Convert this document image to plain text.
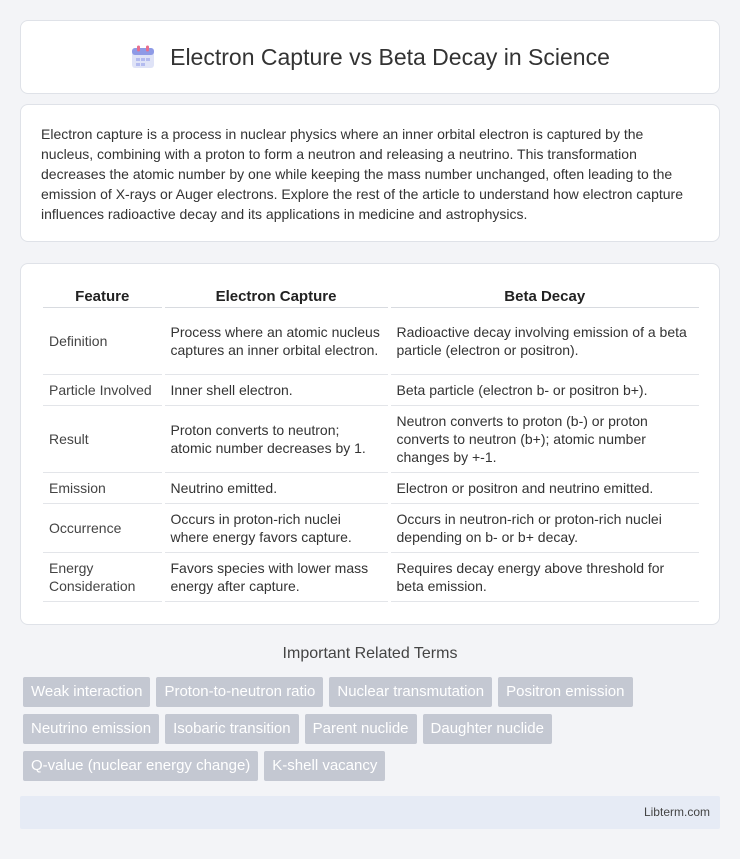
Electron Capture vs Beta Decay in Science

Electron capture is a process in nuclear physics where an inner orbital electron is captured by the nucleus, combining with a proton to form a neutron and releasing a neutrino. This transformation decreases the atomic number by one while keeping the mass number unchanged, often leading to the emission of X-rays or Auger electrons. Explore the rest of the article to understand how electron capture influences radioactive decay and its applications in medicine and astrophysics.

Feature	Electron Capture	Beta Decay
Definition	Process where an atomic nucleus captures an inner orbital electron.	Radioactive decay involving emission of a beta particle (electron or positron).
Particle Involved	Inner shell electron.	Beta particle (electron b- or positron b+).
Result	Proton converts to neutron; atomic number decreases by 1.	Neutron converts to proton (b-) or proton converts to neutron (b+); atomic number changes by +-1.
Emission	Neutrino emitted.	Electron or positron and neutrino emitted.
Occurrence	Occurs in proton-rich nuclei where energy favors capture.	Occurs in neutron-rich or proton-rich nuclei depending on b- or b+ decay.
Energy Consideration	Favors species with lower mass energy after capture.	Requires decay energy above threshold for beta emission.
Important Related Terms
Weak interaction	Proton-to-neutron ratio	Nuclear transmutation	Positron emission
Neutrino emission	Isobaric transition	Parent nuclide	Daughter nuclide
Q-value (nuclear energy change)	K-shell vacancy
Libterm.com
